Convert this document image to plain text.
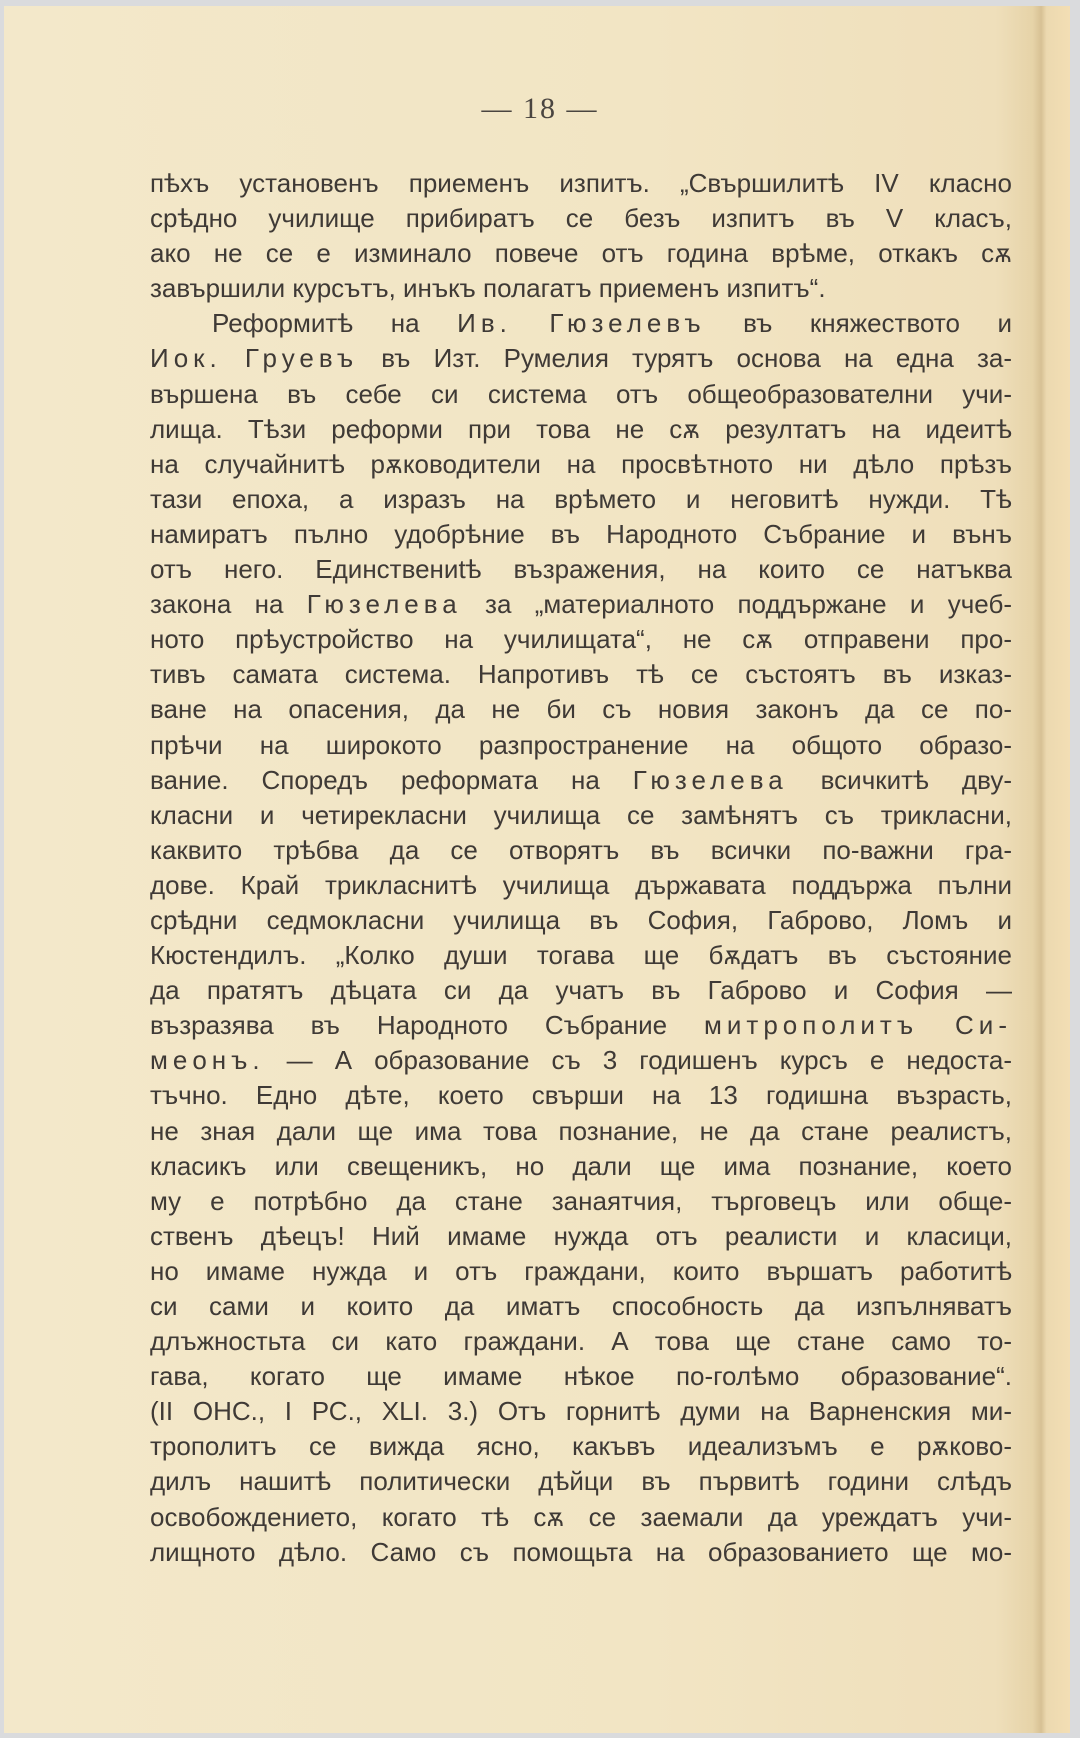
— 18 —
пѣхъ установенъ приеменъ изпитъ. „Свършилитѣ IV класно
срѣдно училище прибиратъ се безъ изпитъ въ V класъ,
ако не се е изминало повече отъ година врѣме, откакъ сѫ
завършили курсътъ, инъкъ полагатъ приеменъ изпитъ“.
Реформитѣ на Ив. Гюзелевъ въ княжеството и
Иок. Груевъ въ Изт. Румелия турятъ основа на една за-
вършена въ себе си система отъ общеобразователни учи-
лища. Тѣзи реформи при това не сѫ резултатъ на идеитѣ
на случайнитѣ рѫководители на просвѣтното ни дѣло прѣзъ
тази епоха, а изразъ на врѣмето и неговитѣ нужди. Тѣ
намиратъ пълно удобрѣние въ Народното Събрание и вънъ
отъ него. Единствениtѣ възражения, на които се натъква
закона на Гюзелева за „материалното поддържане и учеб-
ното прѣустройство на училищата“, не сѫ отправени про-
тивъ самата система. Напротивъ тѣ се състоятъ въ изказ-
ване на опасения, да не би съ новия законъ да се по-
прѣчи на широкото разпространение на общото образо-
вание. Споредъ реформата на Гюзелева всичкитѣ дву-
класни и четирекласни училища се замѣнятъ съ трикласни,
каквито трѣбва да се отворятъ въ всички по-важни гра-
дове. Край трикласнитѣ училища държавата поддържа пълни
срѣдни седмокласни училища въ София, Габрово, Ломъ и
Кюстендилъ. „Колко души тогава ще бѫдатъ въ състояние
да пратятъ дѣцата си да учатъ въ Габрово и София —
възразява въ Народното Събрание митрополитъ Си-
меонъ. — А образование съ 3 годишенъ курсъ е недоста-
тъчно. Едно дѣте, което свърши на 13 годишна възрасть,
не зная дали ще има това познание, не да стане реалистъ,
класикъ или свещеникъ, но дали ще има познание, което
му е потрѣбно да стане занаятчия, търговецъ или обще-
ственъ дѣецъ! Ний имаме нужда отъ реалисти и класици,
но имаме нужда и отъ граждани, които вършатъ работитѣ
си сами и които да иматъ способность да изпълняватъ
длъжностьта си като граждани. А това ще стане само то-
гава, когато ще имаме нѣкое по-голѣмо образование“.
(II ОНС., I РС., XLI. 3.) Отъ горнитѣ думи на Варненския ми-
трополитъ се вижда ясно, какъвъ идеализъмъ е рѫково-
дилъ нашитѣ политически дѣйци въ първитѣ години слѣдъ
освобождението, когато тѣ сѫ се заемали да уреждатъ учи-
лищното дѣло. Само съ помощьта на образованието ще мо-
